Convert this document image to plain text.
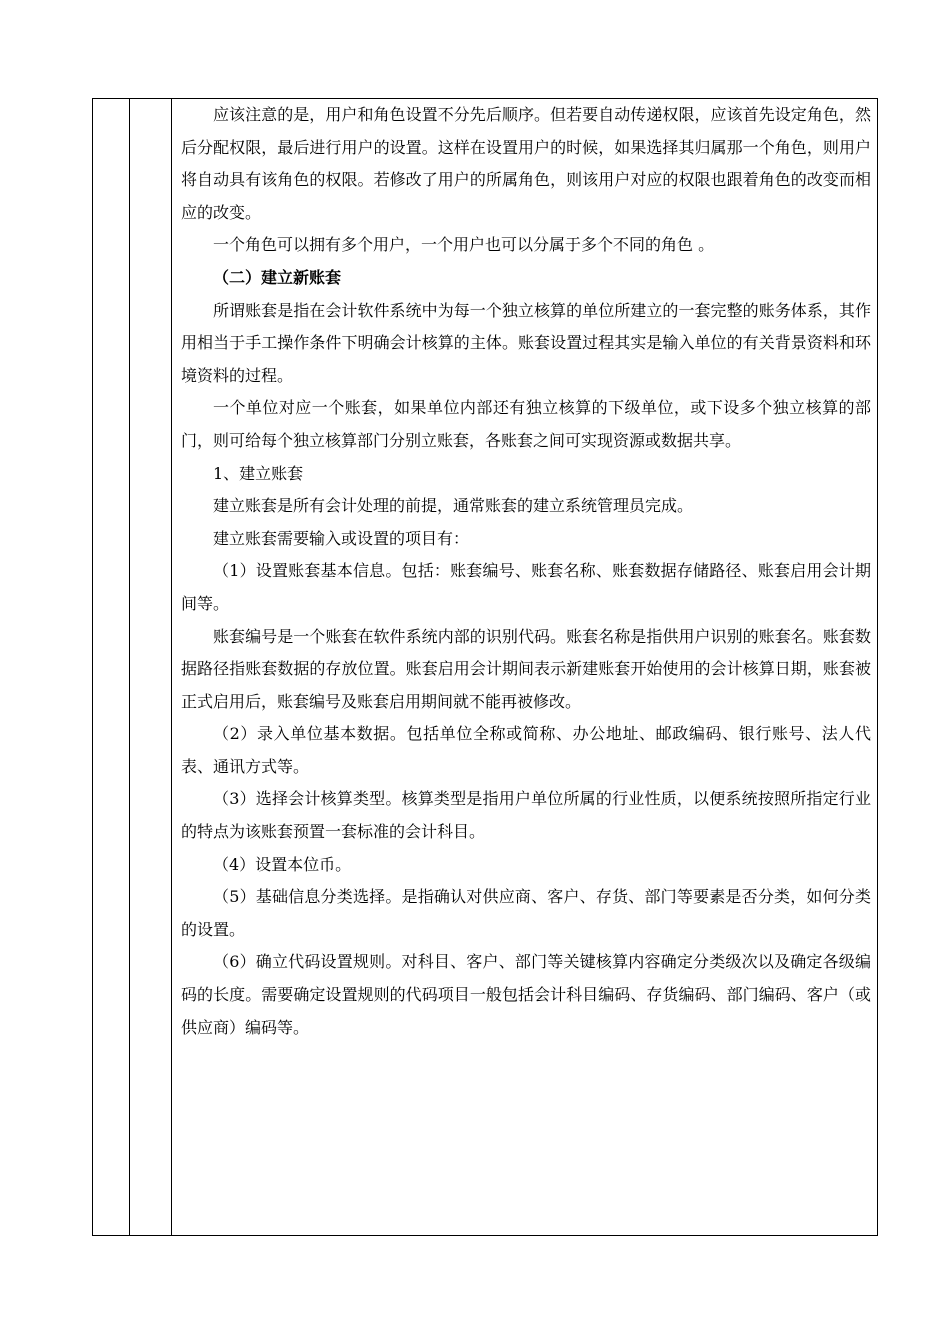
应该注意的是，用户和角色设置不分先后顺序。但若要自动传递权限，应该首先设定角色，然后分配权限，最后进行用户的设置。这样在设置用户的时候，如果选择其归属那一个角色，则用户将自动具有该角色的权限。若修改了用户的所属角色，则该用户对应的权限也跟着角色的改变而相应的改变。

一个角色可以拥有多个用户，一个用户也可以分属于多个不同的角色 。

（二）建立新账套

所谓账套是指在会计软件系统中为每一个独立核算的单位所建立的一套完整的账务体系，其作用相当于手工操作条件下明确会计核算的主体。账套设置过程其实是输入单位的有关背景资料和环境资料的过程。

一个单位对应一个账套，如果单位内部还有独立核算的下级单位，或下设多个独立核算的部门，则可给每个独立核算部门分别立账套，各账套之间可实现资源或数据共享。

1、建立账套

建立账套是所有会计处理的前提，通常账套的建立系统管理员完成。

建立账套需要输入或设置的项目有：

（1）设置账套基本信息。包括：账套编号、账套名称、账套数据存储路径、账套启用会计期间等。

账套编号是一个账套在软件系统内部的识别代码。账套名称是指供用户识别的账套名。账套数据路径指账套数据的存放位置。账套启用会计期间表示新建账套开始使用的会计核算日期，账套被正式启用后，账套编号及账套启用期间就不能再被修改。

（2）录入单位基本数据。包括单位全称或简称、办公地址、邮政编码、银行账号、法人代表、通讯方式等。

（3）选择会计核算类型。核算类型是指用户单位所属的行业性质，以便系统按照所指定行业的特点为该账套预置一套标准的会计科目。

（4）设置本位币。

（5）基础信息分类选择。是指确认对供应商、客户、存货、部门等要素是否分类，如何分类的设置。

（6）确立代码设置规则。对科目、客户、部门等关键核算内容确定分类级次以及确定各级编码的长度。需要确定设置规则的代码项目一般包括会计科目编码、存货编码、部门编码、客户（或供应商）编码等。
